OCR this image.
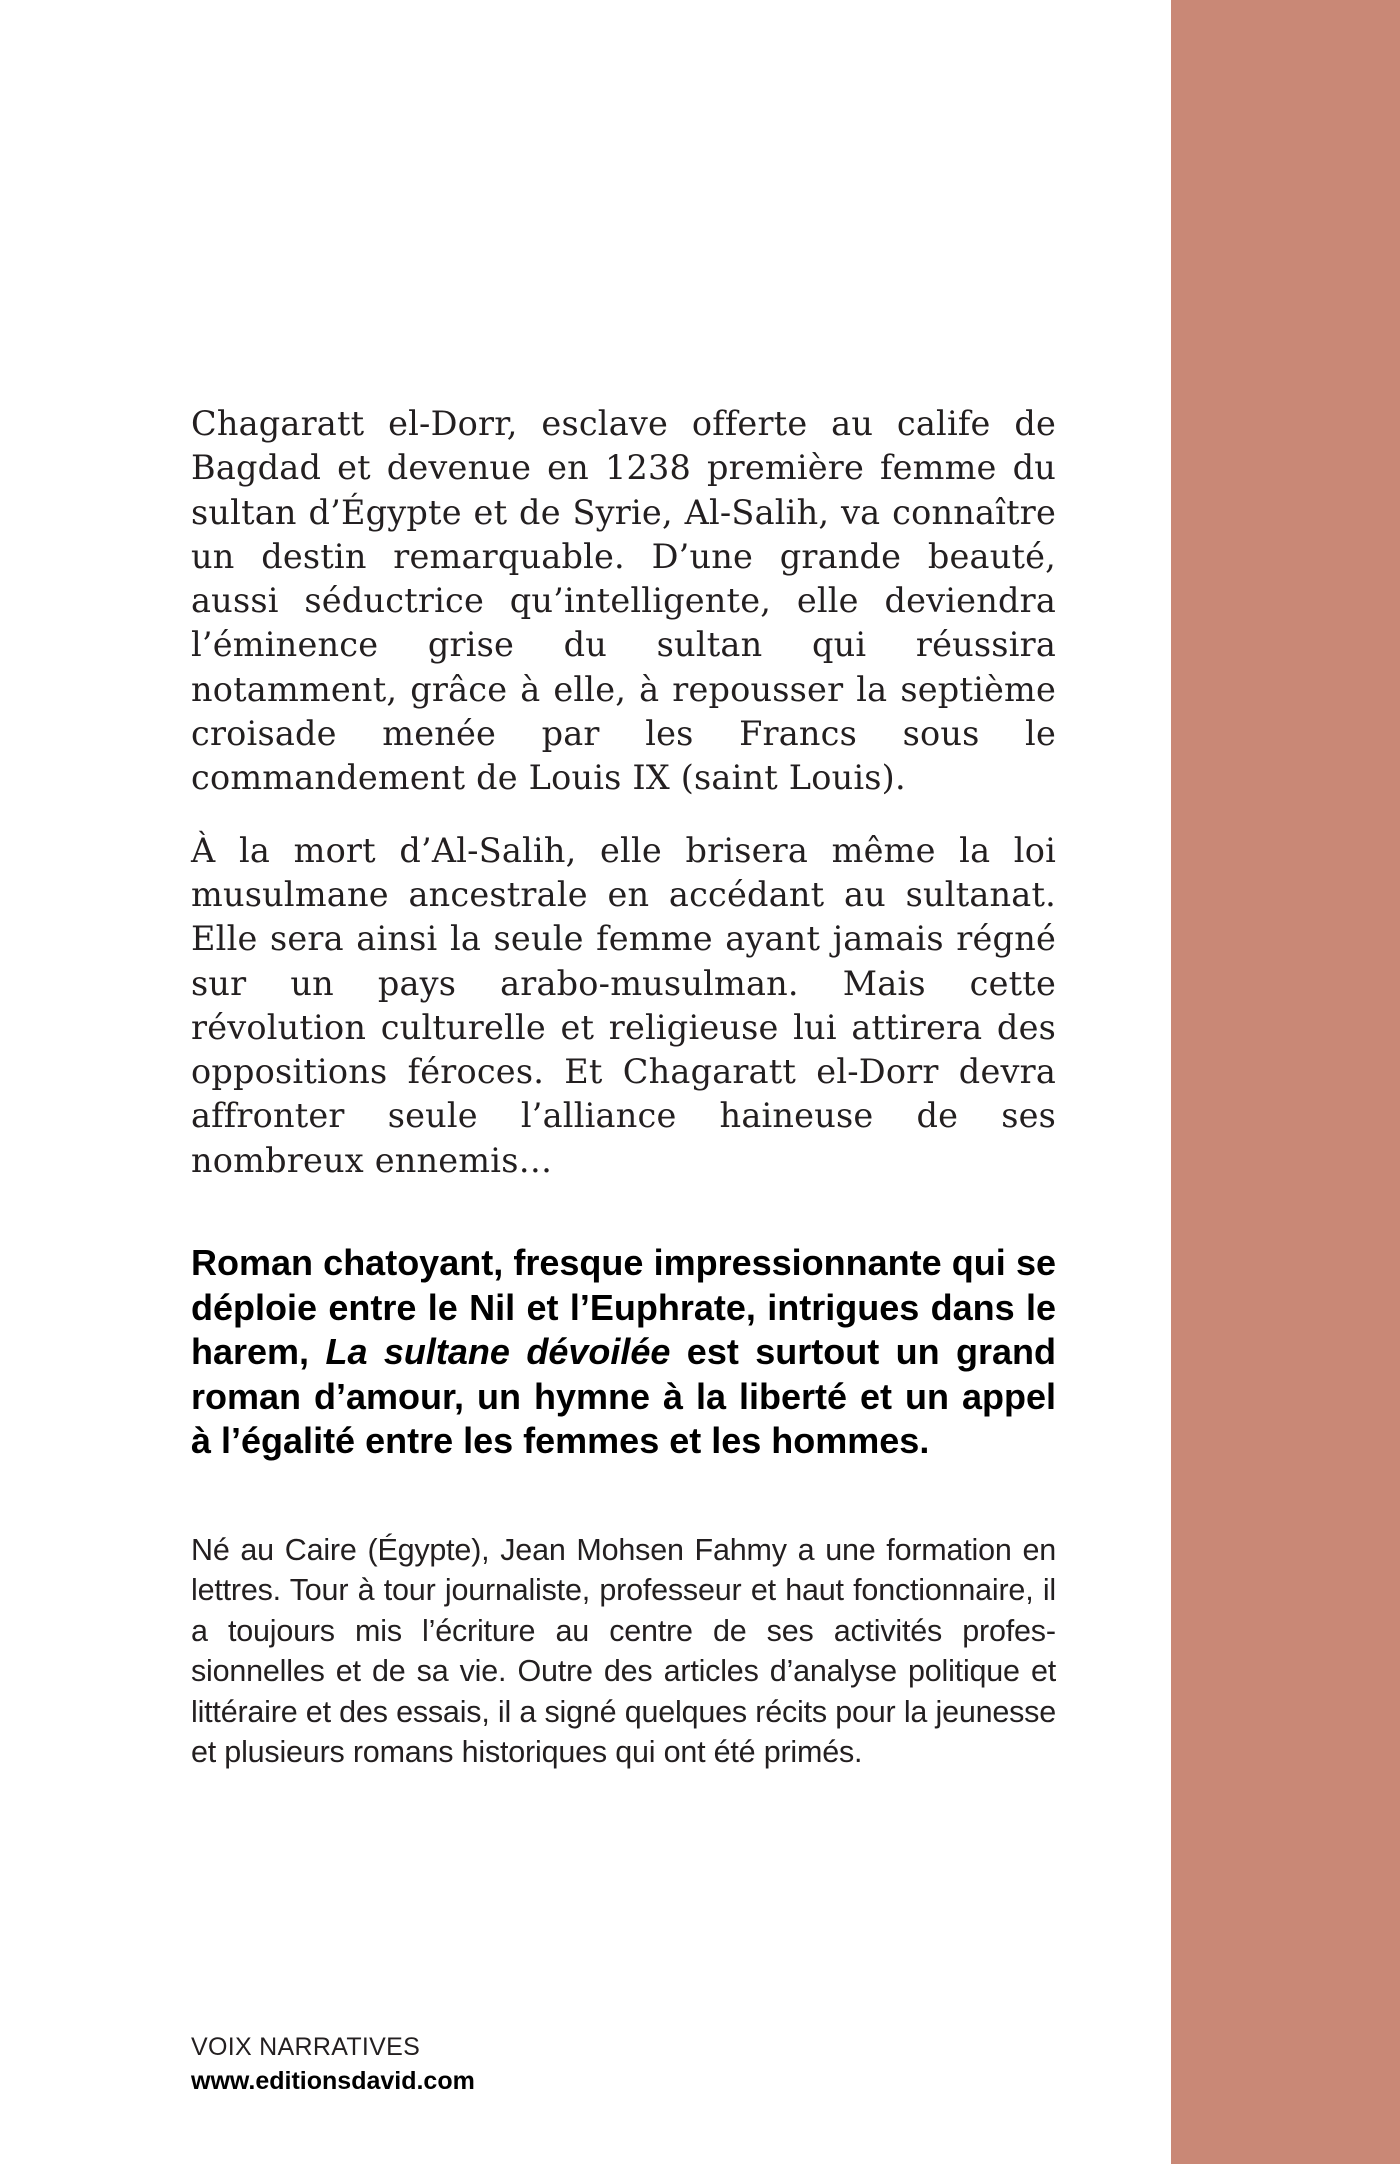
Chagaratt el-Dorr, esclave offerte au calife de Bagdad et devenue en 1238 première femme du sultan d’Égypte et de Syrie, Al-Salih, va connaître un destin remarquable. D’une grande beauté, aussi séductrice qu’intelligente, elle deviendra l’éminence grise du sultan qui réussira notamment, grâce à elle, à repousser la septième croisade menée par les Francs sous le commandement de Louis IX (saint Louis).

À la mort d’Al-Salih, elle brisera même la loi musulmane ancestrale en accédant au sultanat. Elle sera ainsi la seule femme ayant jamais régné sur un pays arabo-musulman. Mais cette révolution culturelle et religieuse lui attirera des oppositions féroces. Et Chagaratt el-Dorr devra affronter seule l’alliance haineuse de ses nombreux ennemis…

Roman chatoyant, fresque impressionnante qui se déploie entre le Nil et l’Euphrate, intrigues dans le harem, La sultane dévoilée est surtout un grand roman d’amour, un hymne à la liberté et un appel à l’égalité entre les femmes et les hommes.
Né au Caire (Égypte), Jean Mohsen Fahmy a une formation en lettres. Tour à tour journaliste, professeur et haut fonctionnaire, il a toujours mis l’écriture au centre de ses activités professionnelles et de sa vie. Outre des articles d’analyse politique et littéraire et des essais, il a signé quelques récits pour la jeunesse et plusieurs romans historiques qui ont été primés.
VOIX NARRATIVES
www.editionsdavid.com
